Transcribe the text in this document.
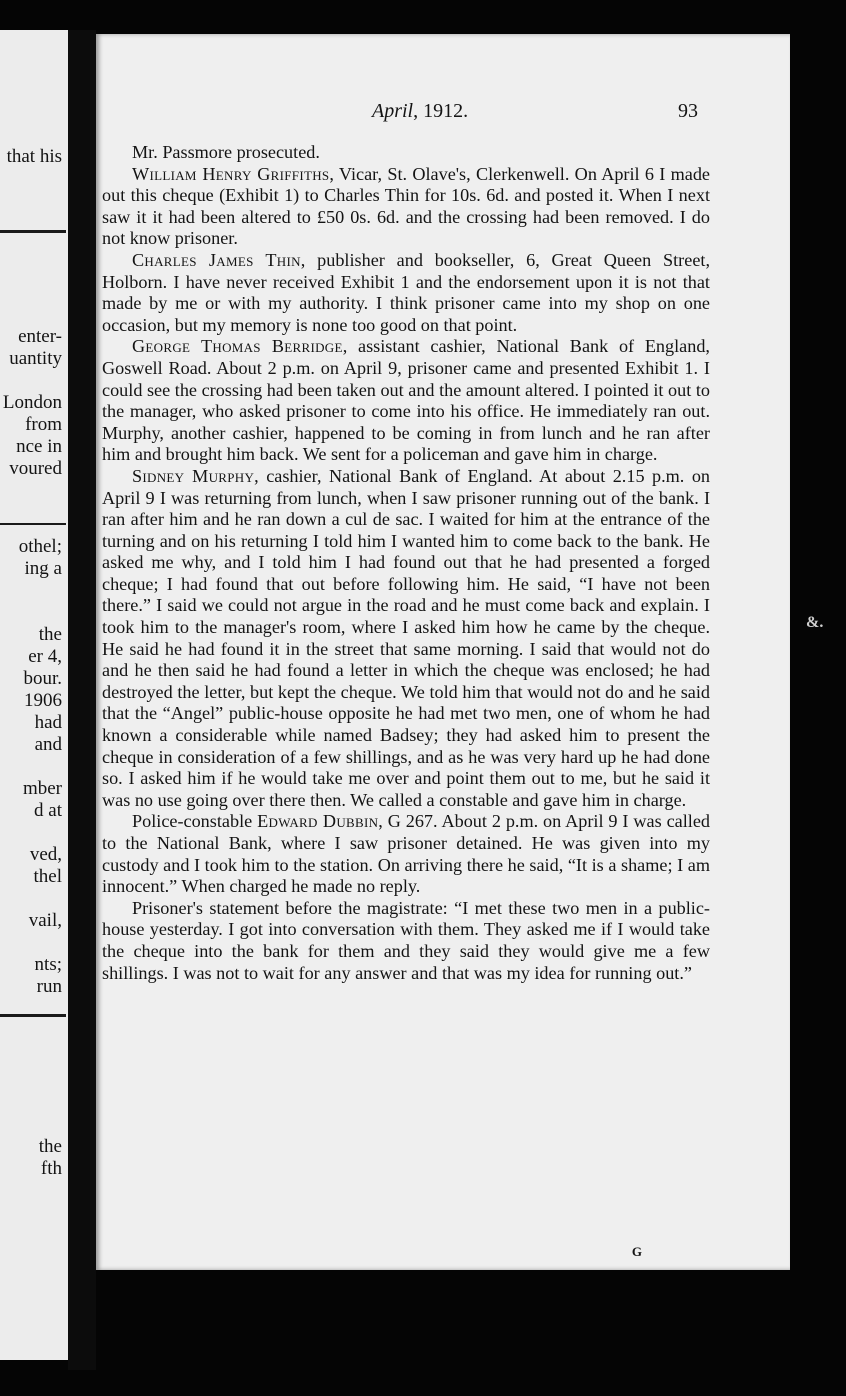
that his
enter-
uantity
London
from
nce in
voured
othel;
ing a
the
er 4,
bour.
1906
had
and
mber
d at
ved,
thel
vail,
nts;
run
the
fth
April, 1912.	93

Mr. Passmore prosecuted.

William Henry Griffiths, Vicar, St. Olave's, Clerkenwell. On April 6 I made out this cheque (Exhibit 1) to Charles Thin for 10s. 6d. and posted it. When I next saw it it had been altered to £50 0s. 6d. and the crossing had been removed. I do not know prisoner.

Charles James Thin, publisher and bookseller, 6, Great Queen Street, Holborn. I have never received Exhibit 1 and the endorsement upon it is not that made by me or with my authority. I think prisoner came into my shop on one occasion, but my memory is none too good on that point.

George Thomas Berridge, assistant cashier, National Bank of England, Goswell Road. About 2 p.m. on April 9, prisoner came and presented Exhibit 1. I could see the crossing had been taken out and the amount altered. I pointed it out to the manager, who asked prisoner to come into his office. He immediately ran out. Murphy, another cashier, happened to be coming in from lunch and he ran after him and brought him back. We sent for a policeman and gave him in charge.

Sidney Murphy, cashier, National Bank of England. At about 2.15 p.m. on April 9 I was returning from lunch, when I saw prisoner running out of the bank. I ran after him and he ran down a cul de sac. I waited for him at the entrance of the turning and on his returning I told him I wanted him to come back to the bank. He asked me why, and I told him I had found out that he had presented a forged cheque; I had found that out before following him. He said, “I have not been there.” I said we could not argue in the road and he must come back and explain. I took him to the manager's room, where I asked him how he came by the cheque. He said he had found it in the street that same morning. I said that would not do and he then said he had found a letter in which the cheque was enclosed; he had destroyed the letter, but kept the cheque. We told him that would not do and he said that the “Angel” public-house opposite he had met two men, one of whom he had known a considerable while named Badsey; they had asked him to present the cheque in consideration of a few shillings, and as he was very hard up he had done so. I asked him if he would take me over and point them out to me, but he said it was no use going over there then. We called a constable and gave him in charge.

Police-constable Edward Dubbin, G 267. About 2 p.m. on April 9 I was called to the National Bank, where I saw prisoner detained. He was given into my custody and I took him to the station. On arriving there he said, “It is a shame; I am innocent.” When charged he made no reply.

Prisoner's statement before the magistrate: “I met these two men in a public-house yesterday. I got into conversation with them. They asked me if I would take the cheque into the bank for them and they said they would give me a few shillings. I was not to wait for any answer and that was my idea for running out.”

G
&.
